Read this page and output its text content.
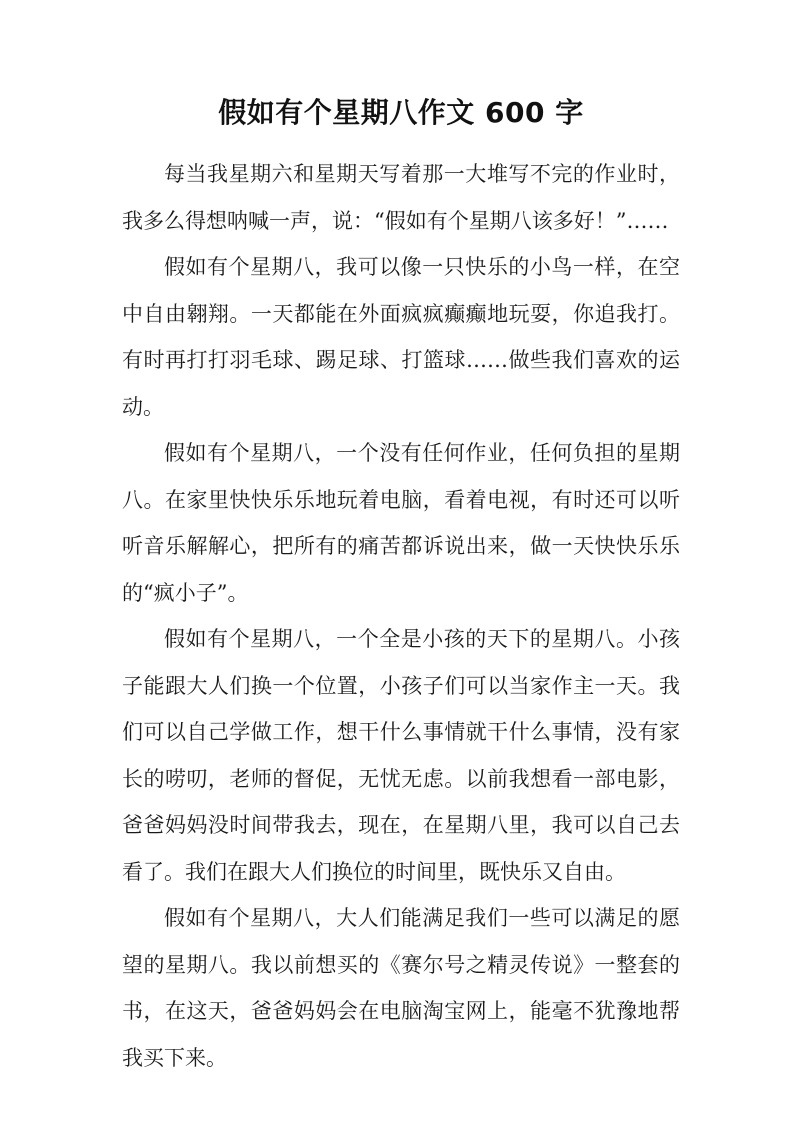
假如有个星期八作文 600 字

每当我星期六和星期天写着那一大堆写不完的作业时，我多么得想呐喊一声，说：“假如有个星期八该多好！”……

假如有个星期八，我可以像一只快乐的小鸟一样，在空中自由翱翔。一天都能在外面疯疯癫癫地玩耍，你追我打。有时再打打羽毛球、踢足球、打篮球……做些我们喜欢的运动。

假如有个星期八，一个没有任何作业，任何负担的星期八。在家里快快乐乐地玩着电脑，看着电视，有时还可以听听音乐解解心，把所有的痛苦都诉说出来，做一天快快乐乐的“疯小子”。

假如有个星期八，一个全是小孩的天下的星期八。小孩子能跟大人们换一个位置，小孩子们可以当家作主一天。我们可以自己学做工作，想干什么事情就干什么事情，没有家长的唠叨，老师的督促，无忧无虑。以前我想看一部电影，爸爸妈妈没时间带我去，现在，在星期八里，我可以自己去看了。我们在跟大人们换位的时间里，既快乐又自由。

假如有个星期八，大人们能满足我们一些可以满足的愿望的星期八。我以前想买的《赛尔号之精灵传说》一整套的书，在这天，爸爸妈妈会在电脑淘宝网上，能毫不犹豫地帮我买下来。
